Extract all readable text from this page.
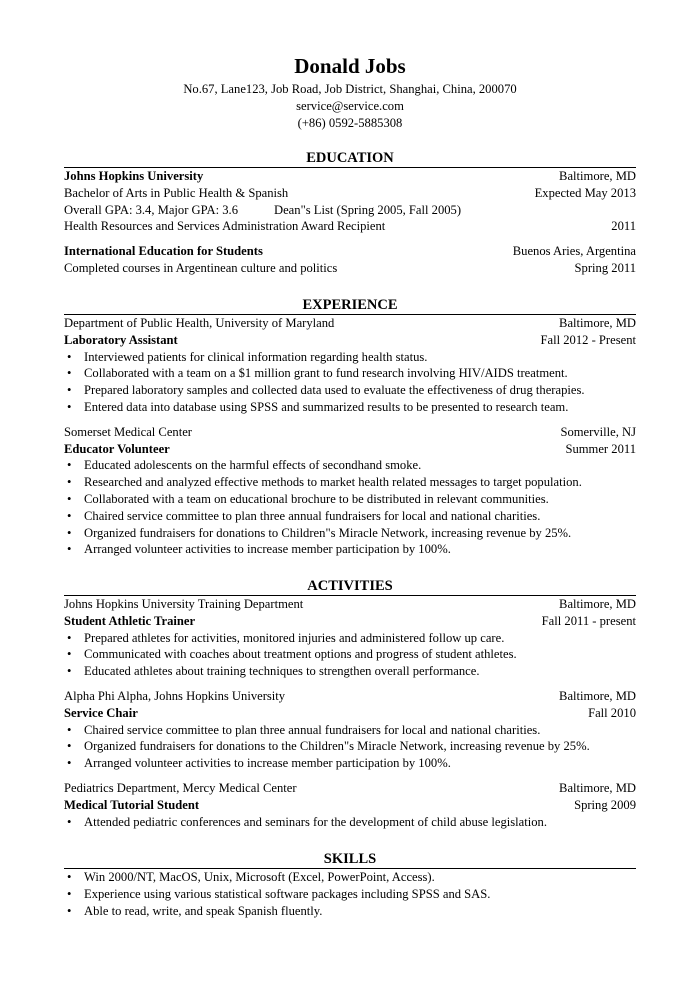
Donald Jobs
No.67, Lane123, Job Road, Job District, Shanghai, China, 200070
service@service.com
(+86) 0592-5885308
EDUCATION
Johns Hopkins University	Baltimore, MD
Bachelor of Arts in Public Health & Spanish	Expected May 2013
Overall GPA: 3.4, Major GPA: 3.6	Dean"s List (Spring 2005, Fall 2005)
Health Resources and Services Administration Award Recipient	2011
International Education for Students	Buenos Aries, Argentina
Completed courses in Argentinean culture and politics	Spring 2011
EXPERIENCE
Department of Public Health, University of Maryland	Baltimore, MD
Laboratory Assistant	Fall 2012 - Present
• Interviewed patients for clinical information regarding health status.
• Collaborated with a team on a $1 million grant to fund research involving HIV/AIDS treatment.
• Prepared laboratory samples and collected data used to evaluate the effectiveness of drug therapies.
• Entered data into database using SPSS and summarized results to be presented to research team.
Somerset Medical Center	Somerville, NJ
Educator Volunteer	Summer 2011
• Educated adolescents on the harmful effects of secondhand smoke.
• Researched and analyzed effective methods to market health related messages to target population.
• Collaborated with a team on educational brochure to be distributed in relevant communities.
• Chaired service committee to plan three annual fundraisers for local and national charities.
• Organized fundraisers for donations to Children"s Miracle Network, increasing revenue by 25%.
• Arranged volunteer activities to increase member participation by 100%.
ACTIVITIES
Johns Hopkins University Training Department	Baltimore, MD
Student Athletic Trainer	Fall 2011 - present
• Prepared athletes for activities, monitored injuries and administered follow up care.
• Communicated with coaches about treatment options and progress of student athletes.
• Educated athletes about training techniques to strengthen overall performance.
Alpha Phi Alpha, Johns Hopkins University	Baltimore, MD
Service Chair	Fall 2010
• Chaired service committee to plan three annual fundraisers for local and national charities.
• Organized fundraisers for donations to the Children"s Miracle Network, increasing revenue by 25%.
• Arranged volunteer activities to increase member participation by 100%.
Pediatrics Department, Mercy Medical Center	Baltimore, MD
Medical Tutorial Student	Spring 2009
• Attended pediatric conferences and seminars for the development of child abuse legislation.
SKILLS
• Win 2000/NT, MacOS, Unix, Microsoft (Excel, PowerPoint, Access).
• Experience using various statistical software packages including SPSS and SAS.
• Able to read, write, and speak Spanish fluently.
